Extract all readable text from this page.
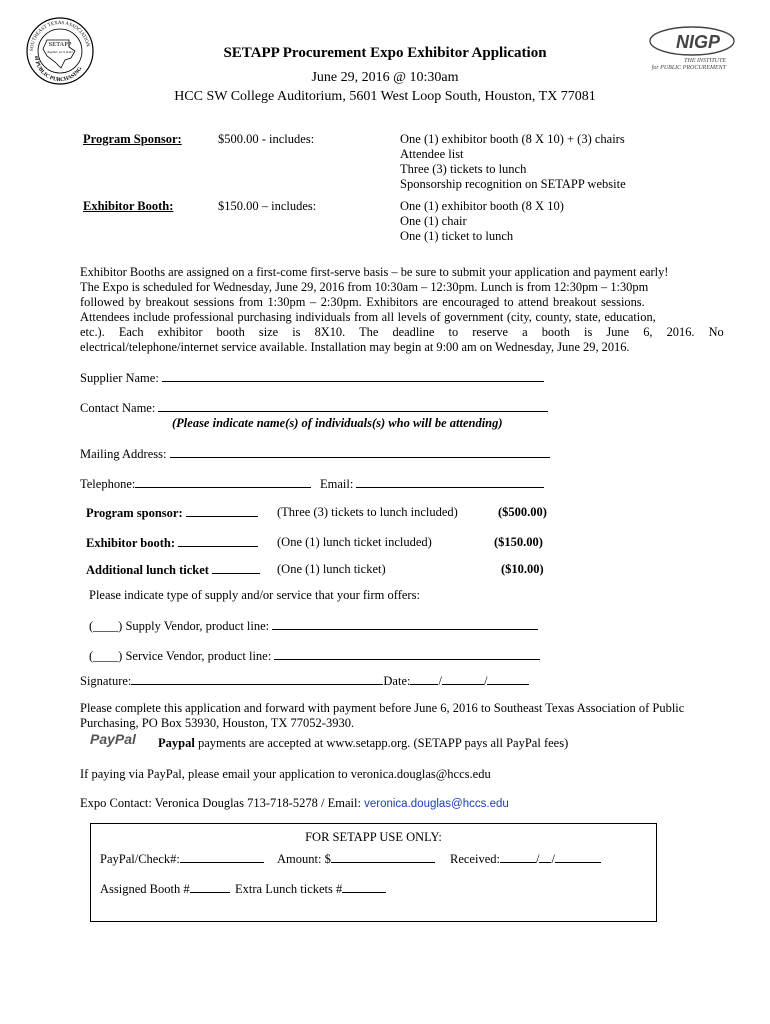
SOUTHEAST TEXAS ASSOCIATION
of PUBLIC PURCHASING
SETAPP
Together, we're better	NIGP
THE INSTITUTE
for PUBLIC PROCUREMENT
SETAPP Procurement Expo Exhibitor Application
June 29, 2016 @ 10:30am
HCC SW College Auditorium, 5601 West Loop South, Houston, TX 77081
Program Sponsor:	$500.00 - includes:	One (1) exhibitor booth (8 X 10) + (3) chairs
Attendee list
Three (3) tickets to lunch
Sponsorship recognition on SETAPP website
Exhibitor Booth:	$150.00 – includes:	One (1) exhibitor booth (8 X 10)
One (1) chair
One (1) ticket to lunch
Exhibitor Booths are assigned on a first-come first-serve basis – be sure to submit your application and payment early!
The Expo is scheduled for Wednesday, June 29, 2016 from 10:30am – 12:30pm. Lunch is from 12:30pm – 1:30pm
followed by breakout sessions from 1:30pm – 2:30pm. Exhibitors are encouraged to attend breakout sessions.
Attendees include professional purchasing individuals from all levels of government (city, county, state, education,
etc.). Each exhibitor booth size is 8X10. The deadline to reserve a booth is June 6, 2016. No
electrical/telephone/internet service available. Installation may begin at 9:00 am on Wednesday, June 29, 2016.
Supplier Name:
Contact Name:
(Please indicate name(s) of individuals(s) who will be attending)
Mailing Address:
Telephone:	Email:
Program sponsor:	(Three (3) tickets to lunch included)	($500.00)
Exhibitor booth:	(One (1) lunch ticket included)	($150.00)
Additional lunch ticket	(One (1) lunch ticket)	($10.00)
Please indicate type of supply and/or service that your firm offers:
(____) Supply Vendor, product line:
(____) Service Vendor, product line:
Signature:	Date: /	/
Please complete this application and forward with payment before June 6, 2016 to Southeast Texas Association of Public
Purchasing, PO Box 53930, Houston, TX 77052-3930.
PayPal Paypal payments are accepted at www.setapp.org. (SETAPP pays all PayPal fees)
If paying via PayPal, please email your application to veronica.douglas@hccs.edu
Expo Contact: Veronica Douglas 713-718-5278 / Email: veronica.douglas@hccs.edu
FOR SETAPP USE ONLY:
PayPal/Check#:	Amount: $	Received:	/ /
Assigned Booth #	Extra Lunch tickets #
